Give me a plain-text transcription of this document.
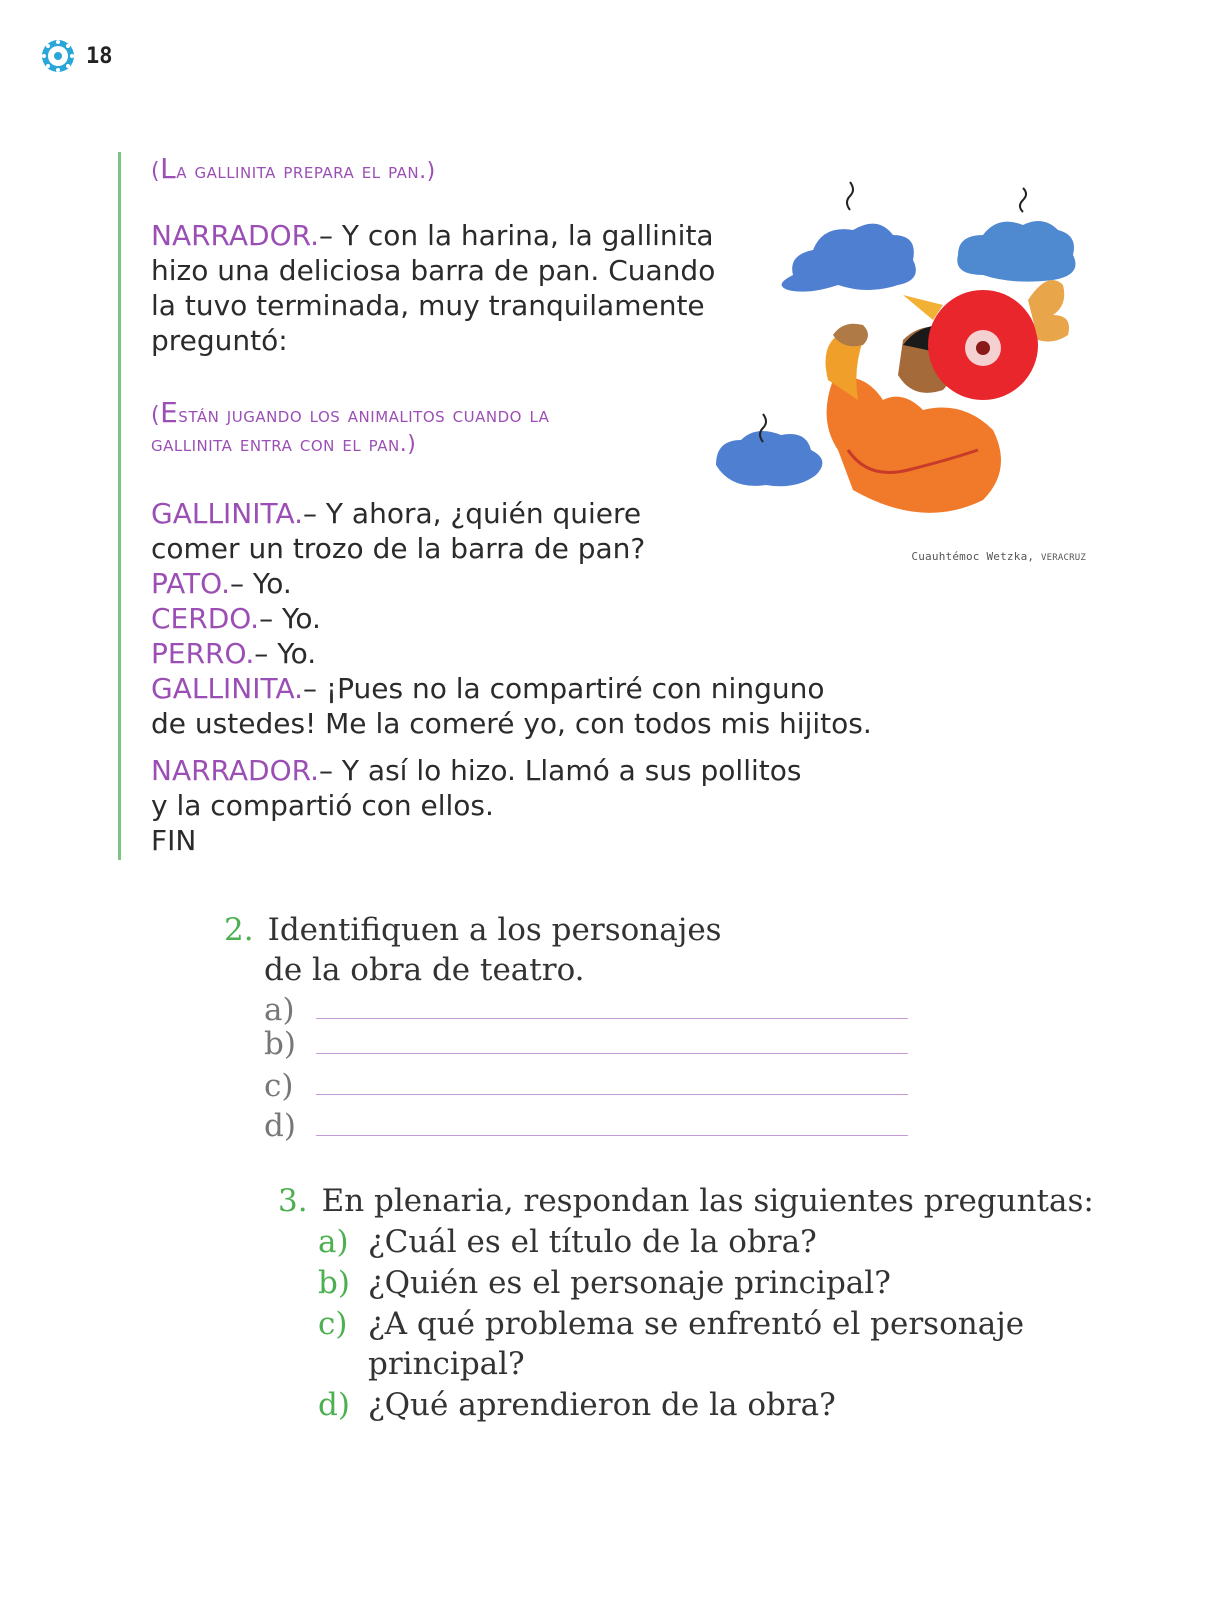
18
(La gallinita prepara el pan.)
NARRADOR.– Y con la harina, la gallinita
hizo una deliciosa barra de pan. Cuando
la tuvo terminada, muy tranquilamente
preguntó:
(Están jugando los animalitos cuando la
gallinita entra con el pan.)
GALLINITA.– Y ahora, ¿quién quiere
comer un trozo de la barra de pan?
PATO.– Yo.
CERDO.– Yo.
PERRO.– Yo.
GALLINITA.– ¡Pues no la compartiré con ninguno
de ustedes! Me la comeré yo, con todos mis hijitos.
NARRADOR.– Y así lo hizo. Llamó a sus pollitos
y la compartió con ellos.
FIN
Cuauhtémoc Wetzka, VERACRUZ
2. Identifiquen a los personajes
de la obra de teatro.
a)
b)
c)
d)
3. En plenaria, respondan las siguientes preguntas:
a) ¿Cuál es el título de la obra?
b) ¿Quién es el personaje principal?
c) ¿A qué problema se enfrentó el personaje
principal?
d) ¿Qué aprendieron de la obra?
